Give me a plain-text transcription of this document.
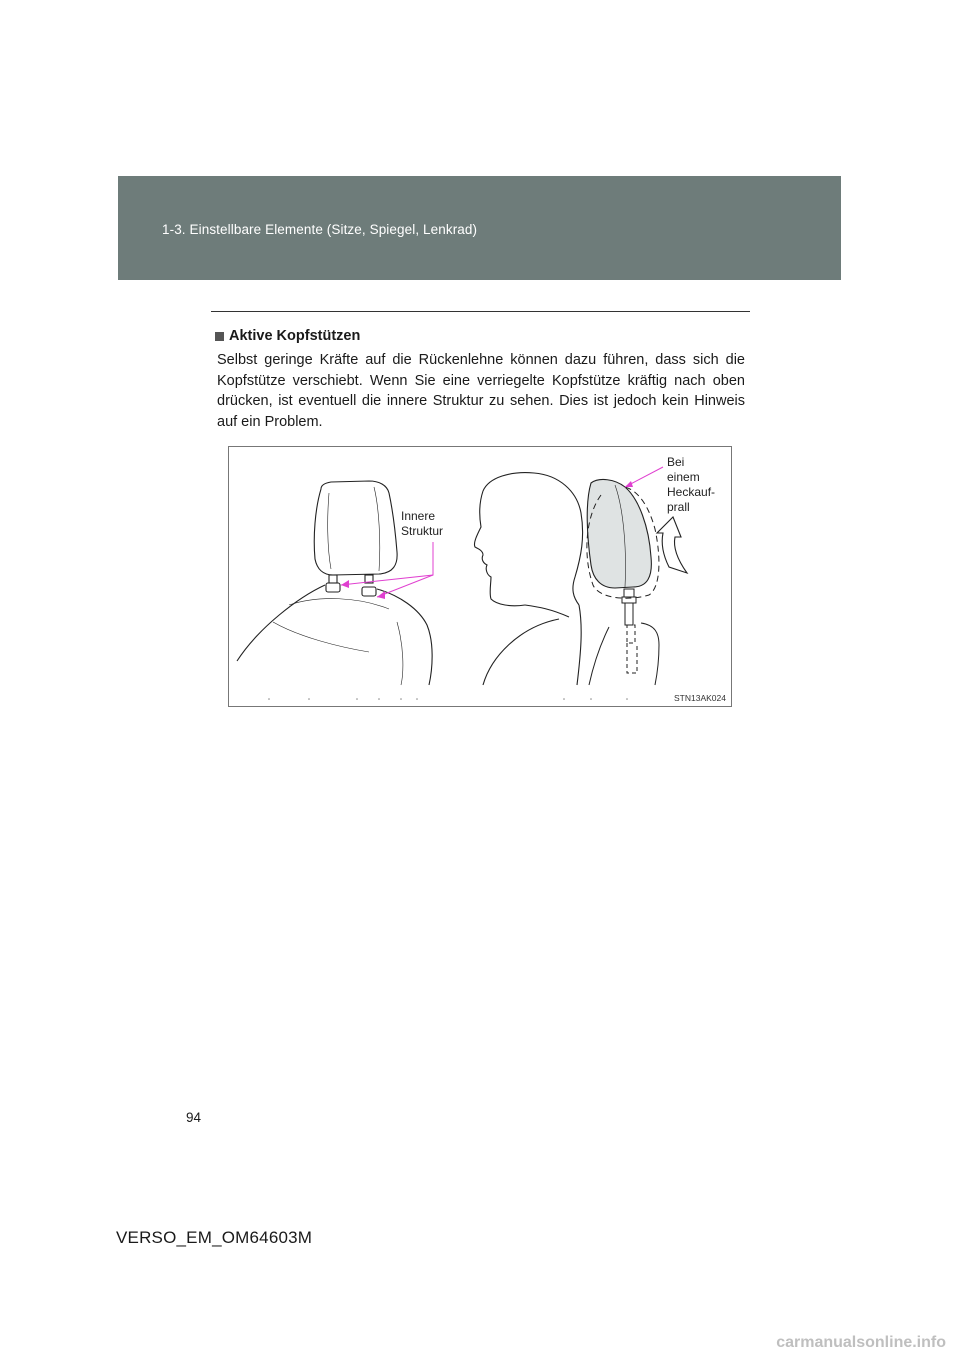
1-3. Einstellbare Elemente (Sitze, Spiegel, Lenkrad)
Aktive Kopfstützen
Selbst geringe Kräfte auf die Rückenlehne können dazu führen, dass sich die Kopfstütze verschiebt. Wenn Sie eine verriegelte Kopfstütze kräftig nach oben drücken, ist eventuell die innere Struktur zu sehen. Dies ist jedoch kein Hinweis auf ein Problem.
Innere
Struktur
Bei
einem
Heckauf-
prall
STN13AK024
94
VERSO_EM_OM64603M
carmanualsonline.info
